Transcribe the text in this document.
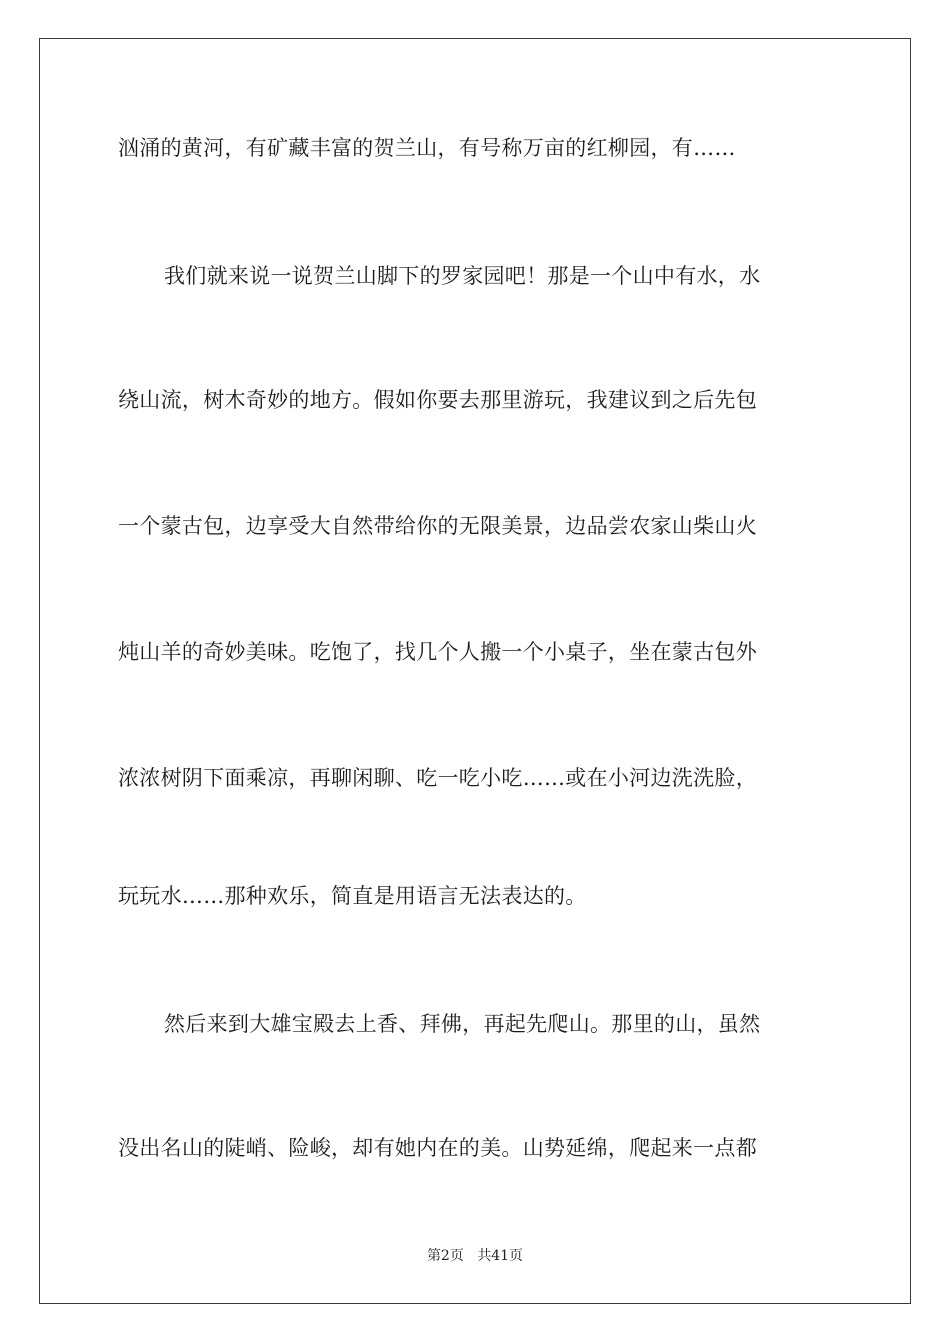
汹涌的黄河，有矿藏丰富的贺兰山，有号称万亩的红柳园，有……
我们就来说一说贺兰山脚下的罗家园吧！那是一个山中有水，水
绕山流，树木奇妙的地方。假如你要去那里游玩，我建议到之后先包
一个蒙古包，边享受大自然带给你的无限美景，边品尝农家山柴山火
炖山羊的奇妙美味。吃饱了，找几个人搬一个小桌子，坐在蒙古包外
浓浓树阴下面乘凉，再聊闲聊、吃一吃小吃……或在小河边洗洗脸，
玩玩水……那种欢乐，简直是用语言无法表达的。
然后来到大雄宝殿去上香、拜佛，再起先爬山。那里的山，虽然
没出名山的陡峭、险峻，却有她内在的美。山势延绵，爬起来一点都
第2页 共41页
